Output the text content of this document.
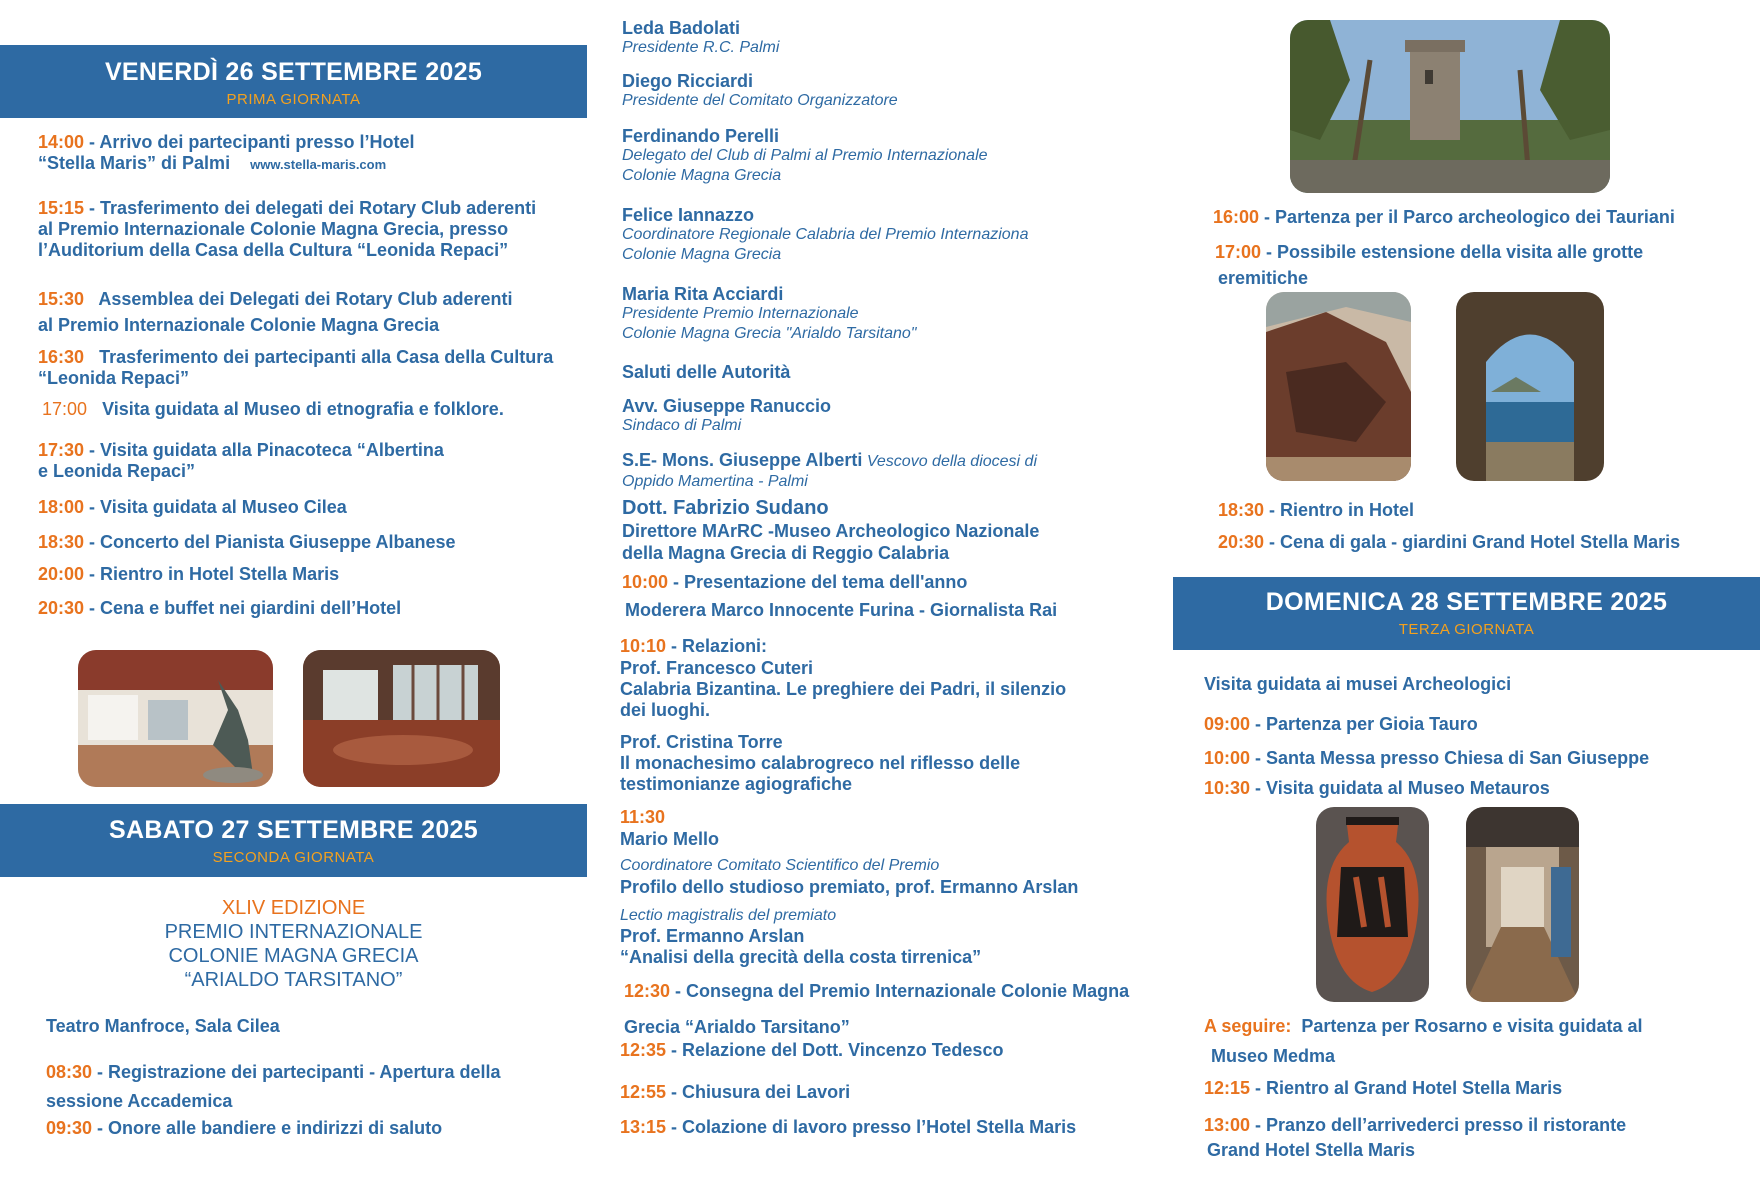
VENERDÌ 26 SETTEMBRE 2025
PRIMA GIORNATA
14:00 - Arrivo dei partecipanti presso l’Hotel
“Stella Maris” di Palmi www.stella-maris.com
15:15 - Trasferimento dei delegati dei Rotary Club aderenti
al Premio Internazionale Colonie Magna Grecia, presso
l’Auditorium della Casa della Cultura “Leonida Repaci”
15:30 Assemblea dei Delegati dei Rotary Club aderenti
al Premio Internazionale Colonie Magna Grecia
16:30 Trasferimento dei partecipanti alla Casa della Cultura
“Leonida Repaci”
17:00 Visita guidata al Museo di etnografia e folklore.
17:30 - Visita guidata alla Pinacoteca “Albertina
e Leonida Repaci”
18:00 - Visita guidata al Museo Cilea
18:30 - Concerto del Pianista Giuseppe Albanese
20:00 - Rientro in Hotel Stella Maris
20:30 - Cena e buffet nei giardini dell’Hotel
SABATO 27 SETTEMBRE 2025
SECONDA GIORNATA
XLIV EDIZIONE
PREMIO INTERNAZIONALE
COLONIE MAGNA GRECIA
“ARIALDO TARSITANO”
Teatro Manfroce, Sala Cilea
08:30 - Registrazione dei partecipanti - Apertura della
sessione Accademica
09:30 - Onore alle bandiere e indirizzi di saluto
Leda Badolati
Presidente R.C. Palmi
Diego Ricciardi
Presidente del Comitato Organizzatore
Ferdinando Perelli
Delegato del Club di Palmi al Premio Internazionale
Colonie Magna Grecia
Felice Iannazzo
Coordinatore Regionale Calabria del Premio Internaziona
Colonie Magna Grecia
Maria Rita Acciardi
Presidente Premio Internazionale
Colonie Magna Grecia "Arialdo Tarsitano"
Saluti delle Autorità
Avv. Giuseppe Ranuccio
Sindaco di Palmi
S.E- Mons. Giuseppe Alberti Vescovo della diocesi di
Oppido Mamertina - Palmi
Dott. Fabrizio Sudano
Direttore MArRC -Museo Archeologico Nazionale
della Magna Grecia di Reggio Calabria
10:00 - Presentazione del tema dell'anno
Moderera Marco Innocente Furina - Giornalista Rai
10:10 - Relazioni:
Prof. Francesco Cuteri
Calabria Bizantina. Le preghiere dei Padri, il silenzio
dei luoghi.
Prof. Cristina Torre
Il monachesimo calabrogreco nel riflesso delle
testimonianze agiografiche
11:30
Mario Mello
Coordinatore Comitato Scientifico del Premio
Profilo dello studioso premiato, prof. Ermanno Arslan
Lectio magistralis del premiato
Prof. Ermanno Arslan
“Analisi della grecità della costa tirrenica”
12:30 - Consegna del Premio Internazionale Colonie Magna
Grecia “Arialdo Tarsitano”
12:35 - Relazione del Dott. Vincenzo Tedesco
12:55 - Chiusura dei Lavori
13:15 - Colazione di lavoro presso l’Hotel Stella Maris
16:00 - Partenza per il Parco archeologico dei Tauriani
17:00 - Possibile estensione della visita alle grotte
eremitiche
18:30 - Rientro in Hotel
20:30 - Cena di gala - giardini Grand Hotel Stella Maris
DOMENICA 28 SETTEMBRE 2025
TERZA GIORNATA
Visita guidata ai musei Archeologici
09:00 - Partenza per Gioia Tauro
10:00 - Santa Messa presso Chiesa di San Giuseppe
10:30 - Visita guidata al Museo Metauros
A seguire:  Partenza per Rosarno e visita guidata al
Museo Medma
12:15 - Rientro al Grand Hotel Stella Maris
13:00 - Pranzo dell’arrivederci presso il ristorante
Grand Hotel Stella Maris
